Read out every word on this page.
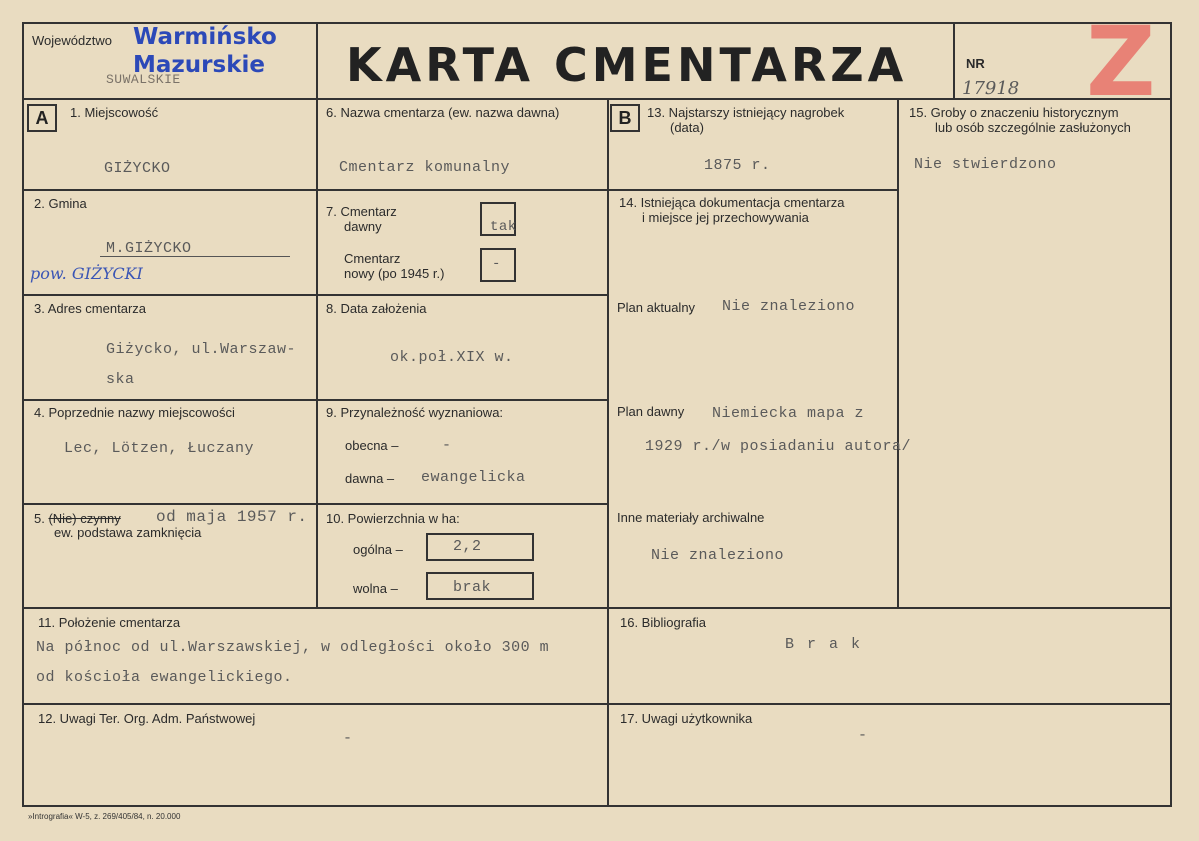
Województwo Warmińsko
Mazurskie
SUWALSKIE	KARTA CMENTARZA	NR
17918 Z
A	B
1. Miejscowość
GIŻYCKO
2. Gmina
M.GIŻYCKO
pow. GIŻYCKI
3. Adres cmentarza
Giżycko, ul.Warszaw-
ska
4. Poprzednie nazwy miejscowości
Lec, Lötzen, Łuczany
5. (Nie) czynny od maja 1957 r.
ew. podstawa zamknięcia
6. Nazwa cmentarza (ew. nazwa dawna)
Cmentarz komunalny
7. Cmentarz
dawny	tak
Cmentarz
nowy (po 1945 r.)
-
8. Data założenia
ok.poł.XIX w.
9. Przynależność wyznaniowa:
obecna –	-
dawna – ewangelicka
10. Powierzchnia w ha:
ogólna –	2,2
wolna –	brak
11. Położenie cmentarza
Na północ od ul.Warszawskiej, w odległości około 300 m
od kościoła ewangelickiego.
12. Uwagi Ter. Org. Adm. Państwowej
-
13. Najstarszy istniejący nagrobek
(data)
1875 r.
14. Istniejąca dokumentacja cmentarza
i miejsce jej przechowywania
Plan aktualny Nie znaleziono
Plan dawny Niemiecka mapa z
1929 r./w posiadaniu autora/
Inne materiały archiwalne
Nie znaleziono
15. Groby o znaczeniu historycznym
lub osób szczególnie zasłużonych
Nie stwierdzono
16. Bibliografia
B r a k
17. Uwagi użytkownika
-
»Intrografia« W-5, z. 269/405/84, n. 20.000
